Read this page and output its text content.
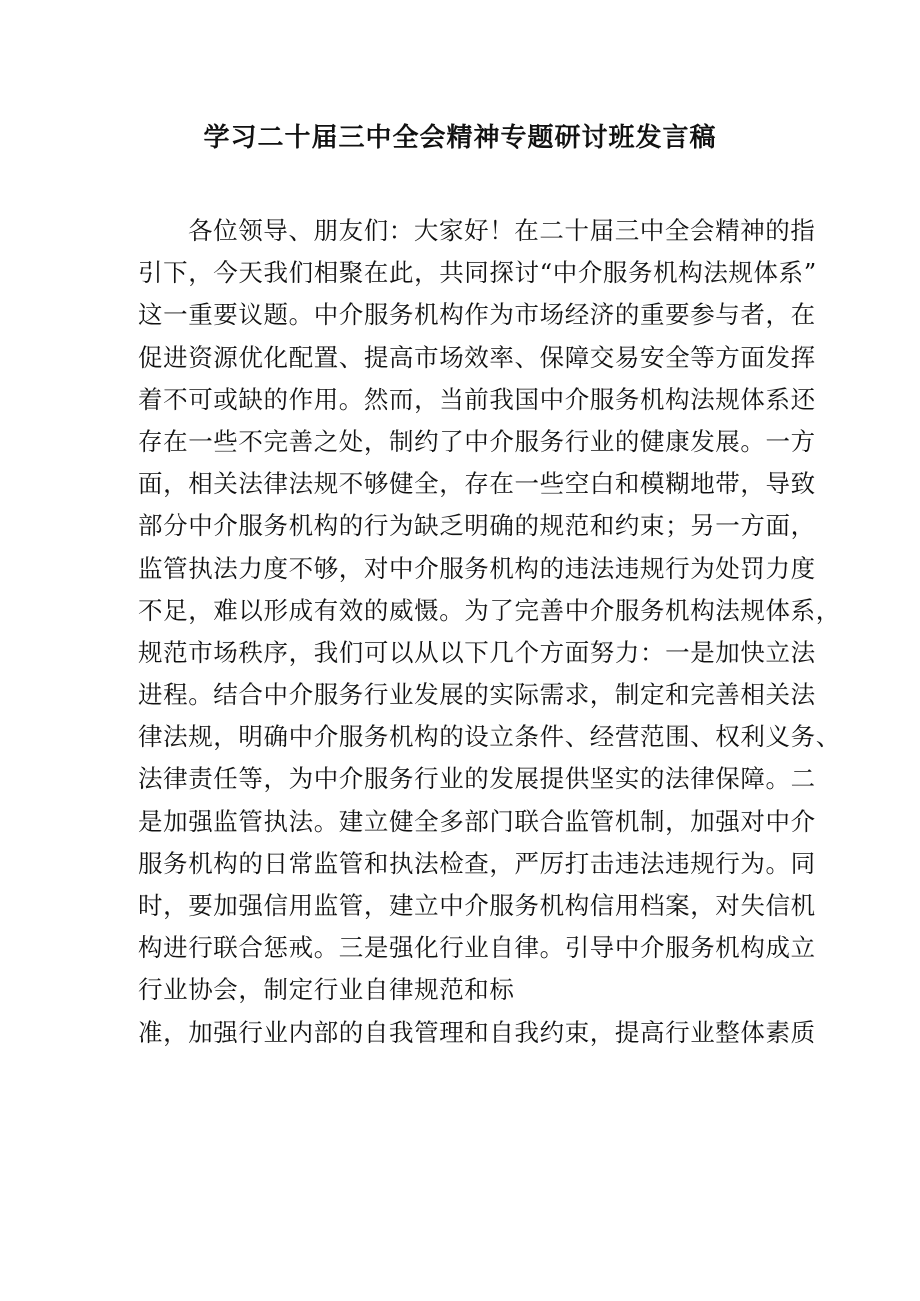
学习二十届三中全会精神专题研讨班发言稿
各位领导、朋友们：大家好！在二十届三中全会精神的指
引下，今天我们相聚在此，共同探讨“中介服务机构法规体系”
这一重要议题。中介服务机构作为市场经济的重要参与者，在
促进资源优化配置、提高市场效率、保障交易安全等方面发挥
着不可或缺的作用。然而，当前我国中介服务机构法规体系还
存在一些不完善之处，制约了中介服务行业的健康发展。一方
面，相关法律法规不够健全，存在一些空白和模糊地带，导致
部分中介服务机构的行为缺乏明确的规范和约束；另一方面，
监管执法力度不够，对中介服务机构的违法违规行为处罚力度
不足，难以形成有效的威慑。为了完善中介服务机构法规体系，
规范市场秩序，我们可以从以下几个方面努力：一是加快立法
进程。结合中介服务行业发展的实际需求，制定和完善相关法
律法规，明确中介服务机构的设立条件、经营范围、权利义务、
法律责任等，为中介服务行业的发展提供坚实的法律保障。二
是加强监管执法。建立健全多部门联合监管机制，加强对中介
服务机构的日常监管和执法检查，严厉打击违法违规行为。同
时，要加强信用监管，建立中介服务机构信用档案，对失信机
构进行联合惩戒。三是强化行业自律。引导中介服务机构成立
行业协会，制定行业自律规范和标
准，加强行业内部的自我管理和自我约束，提高行业整体素质
